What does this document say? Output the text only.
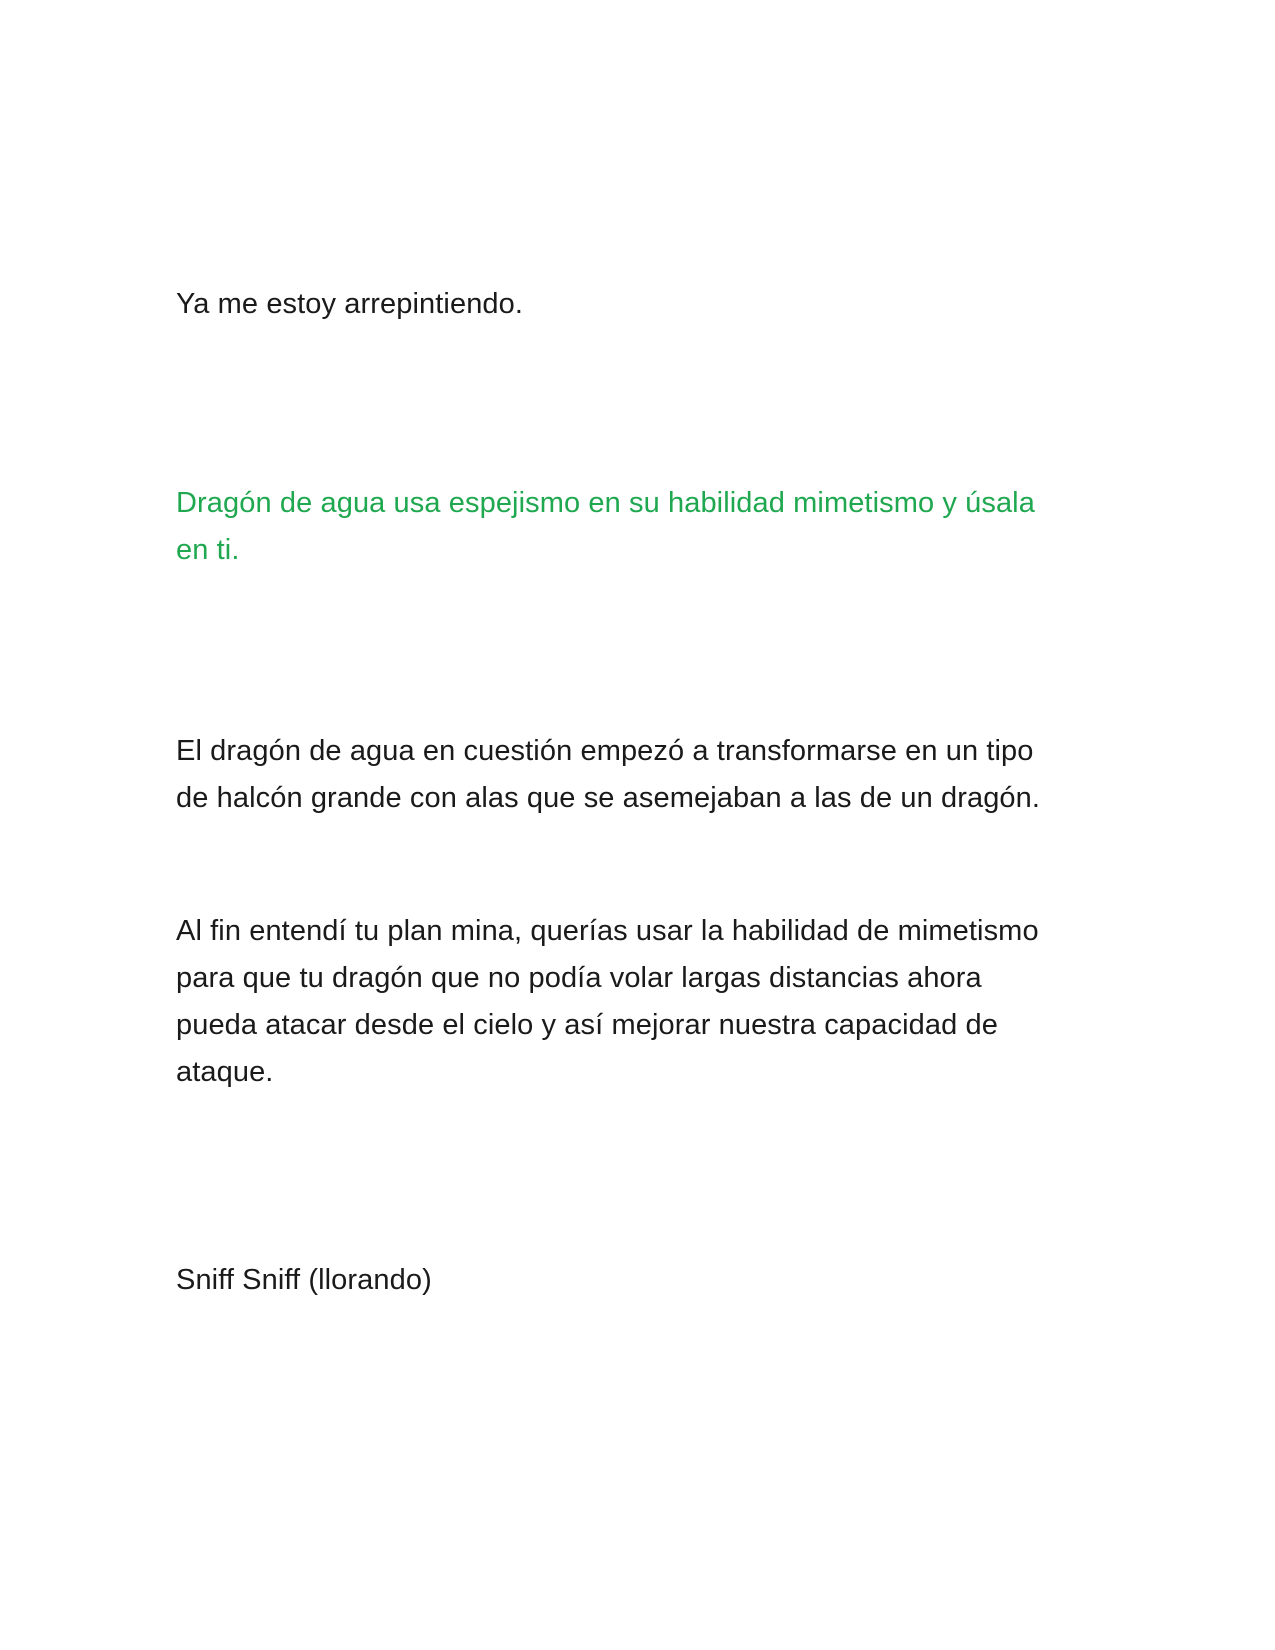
Ya me estoy arrepintiendo.

Dragón de agua usa espejismo en su habilidad mimetismo y úsala
en ti.

El dragón de agua en cuestión empezó a transformarse en un tipo
de halcón grande con alas que se asemejaban a las de un dragón.

Al fin entendí tu plan mina, querías usar la habilidad de mimetismo
para que tu dragón que no podía volar largas distancias ahora
pueda atacar desde el cielo y así mejorar nuestra capacidad de
ataque.

Sniff Sniff (llorando)
